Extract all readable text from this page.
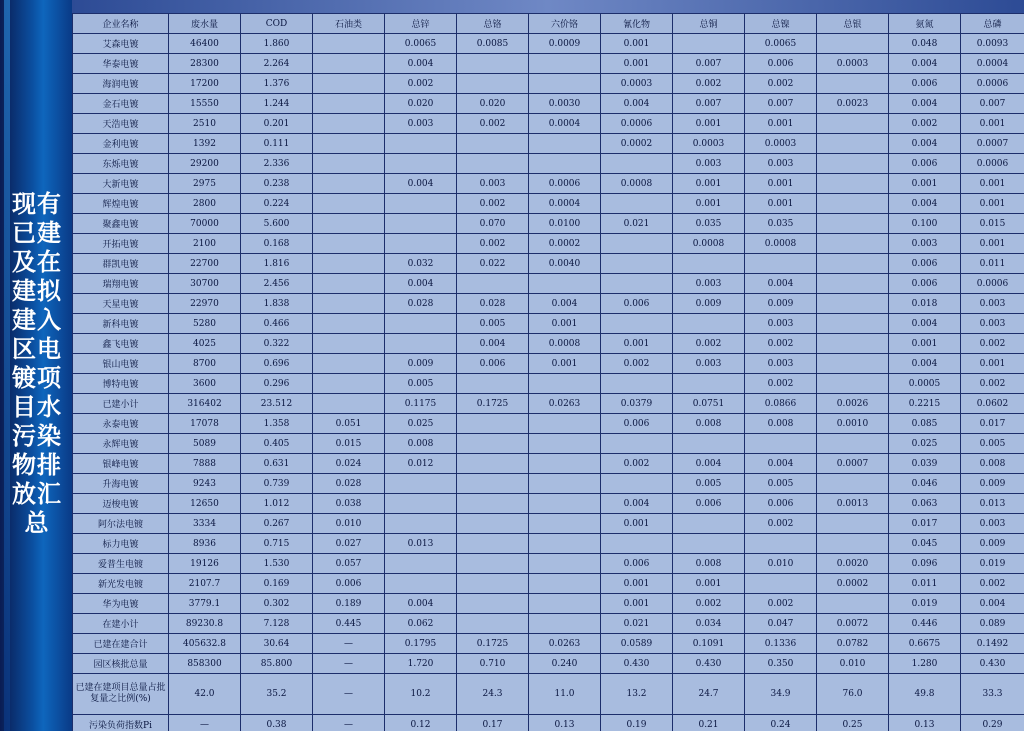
现有已建及在建拟建入区电镀项目水污染物排放汇总
企业名称	废水量	COD	石油类	总锌	总铬	六价铬	氰化物	总铜	总镍	总银	氨氮	总磷
艾森电镀	46400	1.860		0.0065	0.0085	0.0009	0.001		0.0065		0.048	0.0093
华泰电镀	28300	2.264		0.004			0.001	0.007	0.006	0.0003	0.004	0.0004
海润电镀	17200	1.376		0.002			0.0003	0.002	0.002		0.006	0.0006
金石电镀	15550	1.244		0.020	0.020	0.0030	0.004	0.007	0.007	0.0023	0.004	0.007
天浩电镀	2510	0.201		0.003	0.002	0.0004	0.0006	0.001	0.001		0.002	0.001
金利电镀	1392	0.111					0.0002	0.0003	0.0003		0.004	0.0007
东烁电镀	29200	2.336						0.003	0.003		0.006	0.0006
大新电镀	2975	0.238		0.004	0.003	0.0006	0.0008	0.001	0.001		0.001	0.001
辉煌电镀	2800	0.224			0.002	0.0004		0.001	0.001		0.004	0.001
聚鑫电镀	70000	5.600			0.070	0.0100	0.021	0.035	0.035		0.100	0.015
开拓电镀	2100	0.168			0.002	0.0002		0.0008	0.0008		0.003	0.001
群凯电镀	22700	1.816		0.032	0.022	0.0040					0.006	0.011
瑞翔电镀	30700	2.456		0.004				0.003	0.004		0.006	0.0006
天星电镀	22970	1.838		0.028	0.028	0.004	0.006	0.009	0.009		0.018	0.003
新科电镀	5280	0.466			0.005	0.001			0.003		0.004	0.003
鑫飞电镀	4025	0.322			0.004	0.0008	0.001	0.002	0.002		0.001	0.002
银山电镀	8700	0.696		0.009	0.006	0.001	0.002	0.003	0.003		0.004	0.001
博特电镀	3600	0.296		0.005					0.002		0.0005	0.002
已建小计	316402	23.512		0.1175	0.1725	0.0263	0.0379	0.0751	0.0866	0.0026	0.2215	0.0602
永泰电镀	17078	1.358	0.051	0.025			0.006	0.008	0.008	0.0010	0.085	0.017
永辉电镀	5089	0.405	0.015	0.008							0.025	0.005
银峰电镀	7888	0.631	0.024	0.012			0.002	0.004	0.004	0.0007	0.039	0.008
升海电镀	9243	0.739	0.028					0.005	0.005		0.046	0.009
迈梭电镀	12650	1.012	0.038				0.004	0.006	0.006	0.0013	0.063	0.013
阿尔法电镀	3334	0.267	0.010				0.001		0.002		0.017	0.003
标力电镀	8936	0.715	0.027	0.013							0.045	0.009
爱普生电镀	19126	1.530	0.057				0.006	0.008	0.010	0.0020	0.096	0.019
新光发电镀	2107.7	0.169	0.006				0.001	0.001		0.0002	0.011	0.002
华为电镀	3779.1	0.302	0.189	0.004			0.001	0.002	0.002		0.019	0.004
在建小计	89230.8	7.128	0.445	0.062			0.021	0.034	0.047	0.0072	0.446	0.089
已建在建合计	405632.8	30.64	—	0.1795	0.1725	0.0263	0.0589	0.1091	0.1336	0.0782	0.6675	0.1492
园区核批总量	858300	85.800	—	1.720	0.710	0.240	0.430	0.430	0.350	0.010	1.280	0.430
已建在建项目总量占批复量之比例(%)	42.0	35.2	—	10.2	24.3	11.0	13.2	24.7	34.9	76.0	49.8	33.3
污染负荷指数Pi	—	0.38	—	0.12	0.17	0.13	0.19	0.21	0.24	0.25	0.13	0.29
